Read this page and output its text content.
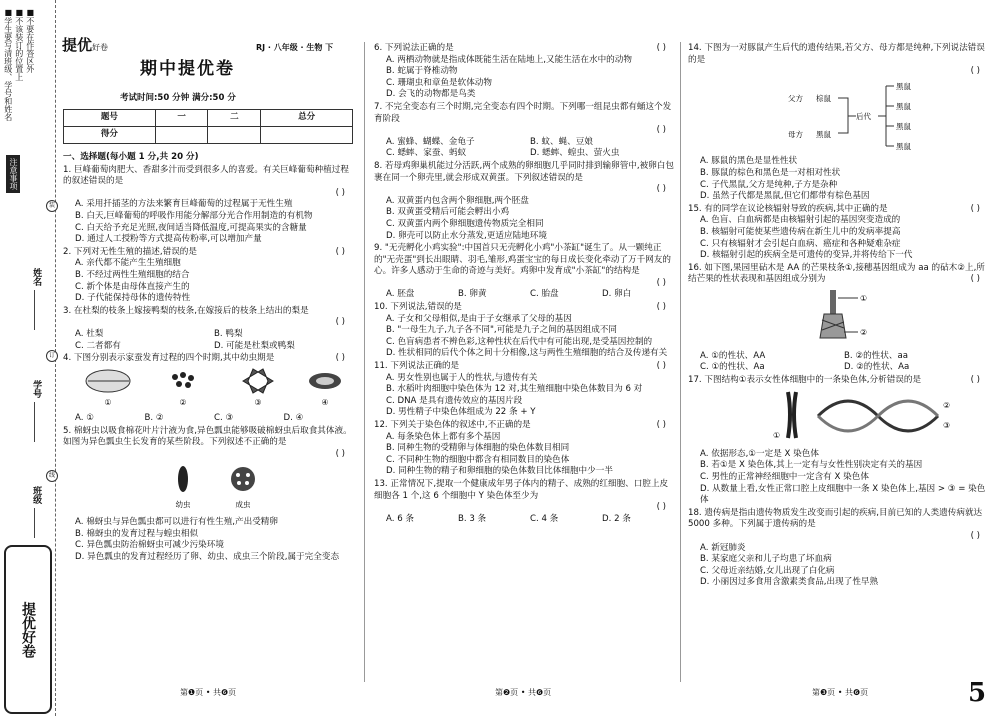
■学生要写清班级、学号和姓名 ■不该装订的位置上 ■不要在作答区外
注意事项
姓名
学号
班级
装
订
线
提优好卷
提优好卷	RJ · 八年级 · 生物 下
期中提优卷
考试时间:50 分钟 满分:50 分
题号	一	二	总分
得分			

一、选择题(每小题 1 分,共 20 分)

1. 巨峰葡萄肉肥大、香甜多汁而受到很多人的喜爱。有关巨峰葡萄种植过程的叙述错误的是

( )

A. 采用扦插茎的方法来繁育巨峰葡萄的过程属于无性生殖

B. 白天,巨峰葡萄的呼吸作用能分解部分光合作用制造的有机物

C. 白天给予充足光照,夜间适当降低温度,可提高果实的含糖量

D. 通过人工授粉等方式提高传粉率,可以增加产量

2. 下列对无性生殖的描述,错误的是	( )

A. 亲代都不能产生生殖细胞

B. 不经过两性生殖细胞的结合

C. 新个体是由母体直接产生的

D. 子代能保持母体的遗传特性

3. 在杜梨的枝条上嫁接鸭梨的枝条,在嫁接后的枝条上结出的梨是

( )

A. 杜梨	B. 鸭梨
C. 二者都有	D. 可能是杜梨或鸭梨

4. 下图分别表示家蚕发育过程的四个时期,其中幼虫期是	( )

①	②	③	④
A. ①	B. ②	C. ③	D. ④

5. 棉蚜虫以吸食棉花叶片汁液为食,异色瓢虫能够吸破棉蚜虫后取食其体液。如图为异色瓢虫生长发育的某些阶段。下列叙述不正确的是

( )

幼虫	成虫

A. 棉蚜虫与异色瓢虫都可以进行有性生殖,产出受精卵

B. 棉蚜虫的发育过程与蝗虫相似

C. 异色瓢虫防治棉蚜虫可减少污染环境

D. 异色瓢虫的发育过程经历了卵、幼虫、成虫三个阶段,属于完全变态

6. 下列说法正确的是	( )

A. 两栖动物就是指成体既能生活在陆地上,又能生活在水中的动物

B. 蛇属于脊椎动物

C. 珊瑚虫和章鱼是软体动物

D. 会飞的动物都是鸟类

7. 不完全变态有三个时期,完全变态有四个时期。下列哪一组昆虫都有蛹这个发育阶段

( )

A. 蜜蜂、蝴蝶、金龟子	B. 蚊、蝇、豆娘
C. 蟋蟀、家蚕、蚂蚁	D. 蟋蟀、蝗虫、萤火虫

8. 若母鸡卵巢机能过分活跃,两个成熟的卵细胞几乎同时排到输卵管中,被卵白包裹在同一个卵壳里,就会形成双黄蛋。下列叙述错误的是

( )

A. 双黄蛋内包含两个卵细胞,两个胚盘

B. 双黄蛋受精后可能会孵出小鸡

C. 双黄蛋内两个卵细胞遗传物质完全相同

D. 卵壳可以防止水分蒸发,更适应陆地环境

9. "无壳孵化小鸡实验":中国首只无壳孵化小鸡"小茶缸"诞生了。从一颗纯正的"无壳蛋"到长出眼睛、羽毛,雏形,鸡蛋宝宝的每日成长变化牵动了万千网友的心。许多人感动于生命的奇迹与美好。鸡卵中发育成"小茶缸"的结构是

( )

A. 胚盘	B. 卵黄	C. 胎盘	D. 卵白

10. 下列说法,错误的是	( )

A. 子女和父母相似,是由于子女继承了父母的基因

B. "一母生九子,九子各不同",可能是九子之间的基因组成不同

C. 色盲病患者不辨色彩,这种性状在后代中有可能出现,是受基因控制的

D. 性状相同的后代个体之间十分相像,这与两性生殖细胞的结合及传递有关

11. 下列说法正确的是	( )

A. 男女性别也属于人的性状,与遗传有关

B. 水稻叶肉细胞中染色体为 12 对,其生殖细胞中染色体数目为 6 对

C. DNA 是具有遗传效应的基因片段

D. 男性精子中染色体组成为 22 条 + Y

12. 下列关于染色体的叙述中,不正确的是	( )

A. 每条染色体上都有多个基因

B. 同种生物的受精卵与体细胞的染色体数目相同

C. 不同种生物的细胞中都含有相同数目的染色体

D. 同种生物的精子和卵细胞的染色体数目比体细胞中少一半

13. 正常情况下,提取一个健康成年男子体内的精子、成熟的红细胞、口腔上皮细胞各 1 个,这 6 个细胞中 Y 染色体至少为

( )

A. 6 条	B. 3 条	C. 4 条	D. 2 条

14. 下图为一对豚鼠产生后代的遗传结果,若父方、母方都是纯种,下列说法错误的是

( )

父方 棕鼠
母方 黑鼠
后代
黑鼠
黑鼠
黑鼠
黑鼠

A. 豚鼠的黑色是显性性状

B. 豚鼠的棕色和黑色是一对相对性状

C. 子代黑鼠,父方是纯种,子方是杂种

D. 虽然子代都是黑鼠,但它们都带有棕色基因

15. 有的同学在议论核辐射导致的疾病,其中正确的是	( )

A. 色盲、白血病都是由核辐射引起的基因突变造成的

B. 核辐射可能使某些遗传病在新生儿中的发病率提高

C. 只有核辐射才会引起白血病、癌症和各种疑难杂症

D. 核辐射引起的疾病全是可遗传的变异,并将传给下一代

16. 如下图,果园里砧木是 AA 的芒果枝条①,接穗基因组成为 aa 的砧木②上,所结芒果的性状表现和基因组成分别为	( )

①
②
A. ①的性状、AA	B. ②的性状、aa
C. ①的性状、Aa	D. ②的性状、Aa

17. 下图结构①表示女性体细胞中的一条染色体,分析错误的是	( )

①
②
③

A. 依据形态,①一定是 X 染色体

B. 若①是 X 染色体,其上一定有与女性性别决定有关的基因

C. 男性的正常神经细胞中一定含有 X 染色体

D. 从数量上看,女性正常口腔上皮细胞中一条 X 染色体上,基因 > ③ = 染色体

18. 遗传病是指由遗传物质发生改变而引起的疾病,目前已知的人类遗传病就达 5000 多种。下列属于遗传病的是

( )

A. 新冠肺炎

B. 某家庭父亲和儿子均患了坏血病

C. 父母近亲结婚,女儿出现了白化病

D. 小丽因过多食用含激素类食品,出现了性早熟

第❶页 • 共❻页	第❷页 • 共❻页	第❸页 • 共❻页	5
